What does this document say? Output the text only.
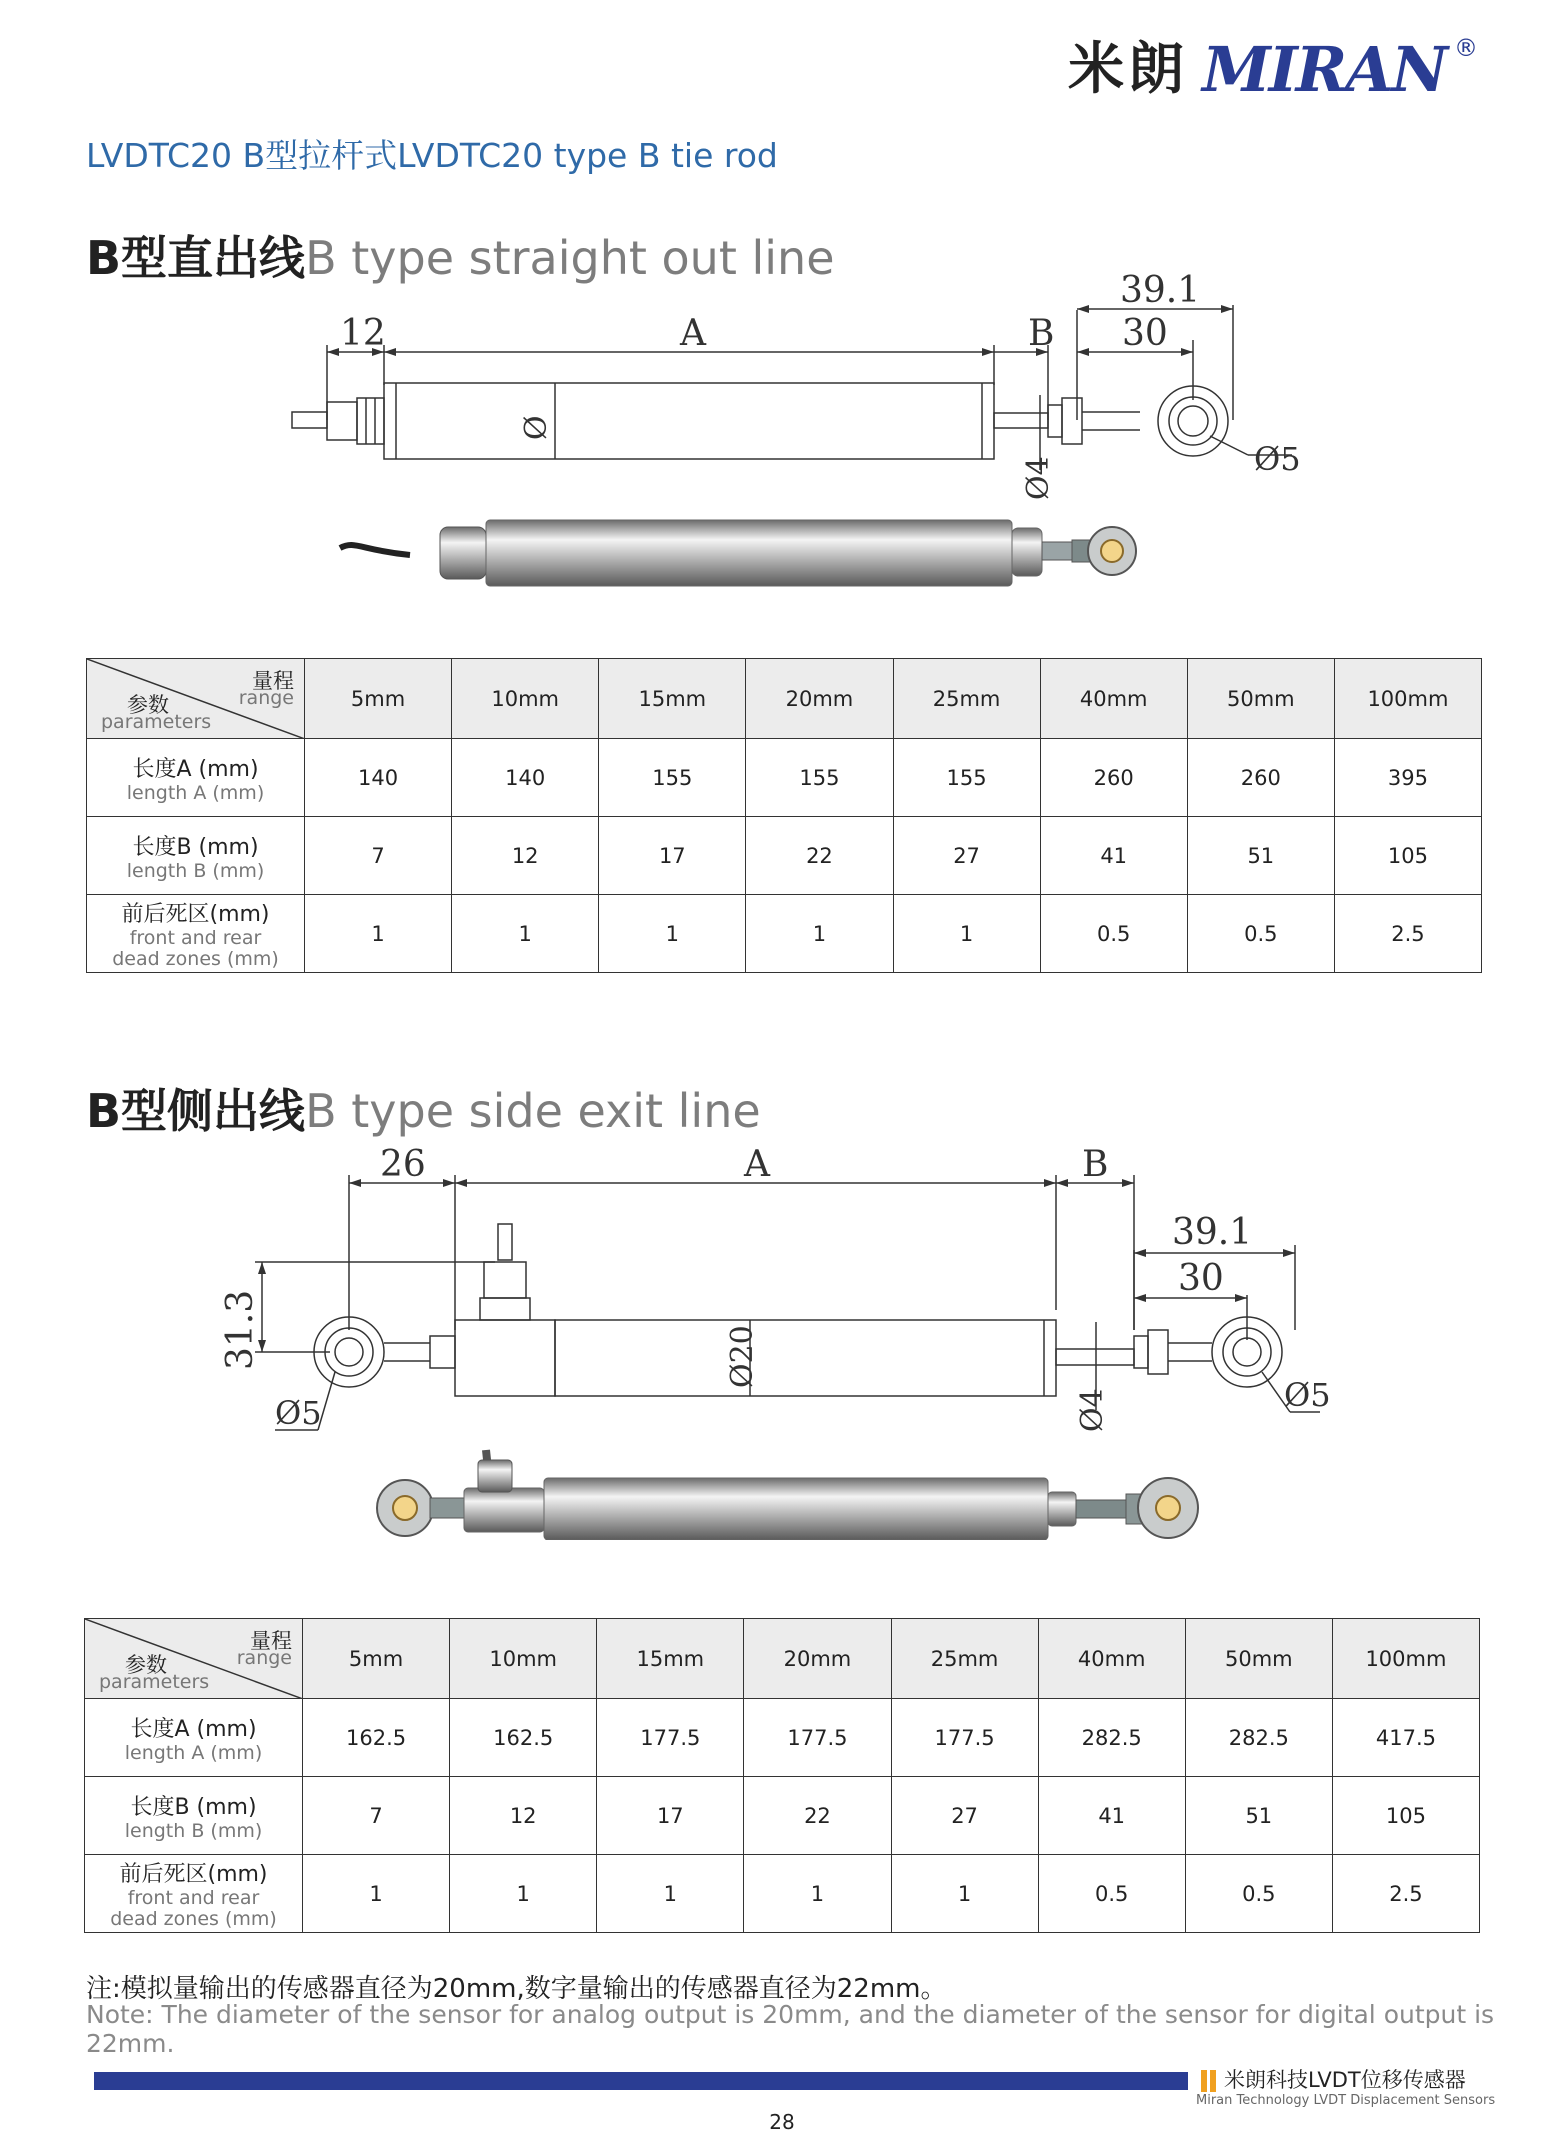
米朗 MIRAN ®
LVDTC20 B型拉杆式LVDTC20 type B tie rod
B型直出线B type straight out line
12	A	B
39.1
30
Ø5
Ø
Ø4
量程
range
参数
parameters	5mm	10mm	15mm	20mm	25mm	40mm	50mm	100mm

长度A (mm)
length A (mm)	140	140	155	155	155	260	260	395

长度B (mm)
length B (mm)	7	12	17	22	27	41	51	105

前后死区(mm)
front and rear
dead zones (mm)	1	1	1	1	1	0.5	0.5	2.5
B型侧出线B type side exit line
26	A	B
39.1
30
31.3	Ø20
Ø4
Ø5	Ø5
量程
range
参数
parameters	5mm	10mm	15mm	20mm	25mm	40mm	50mm	100mm

长度A (mm)
length A (mm)	162.5	162.5	177.5	177.5	177.5	282.5	282.5	417.5

长度B (mm)
length B (mm)	7	12	17	22	27	41	51	105

前后死区(mm)
front and rear
dead zones (mm)	1	1	1	1	1	0.5	0.5	2.5
注:模拟量输出的传感器直径为20mm,数字量输出的传感器直径为22mm。
Note: The diameter of the sensor for analog output is 20mm, and the diameter of the sensor for digital output is 22mm.
米朗科技LVDT位移传感器
Miran Technology LVDT Displacement Sensors
28
